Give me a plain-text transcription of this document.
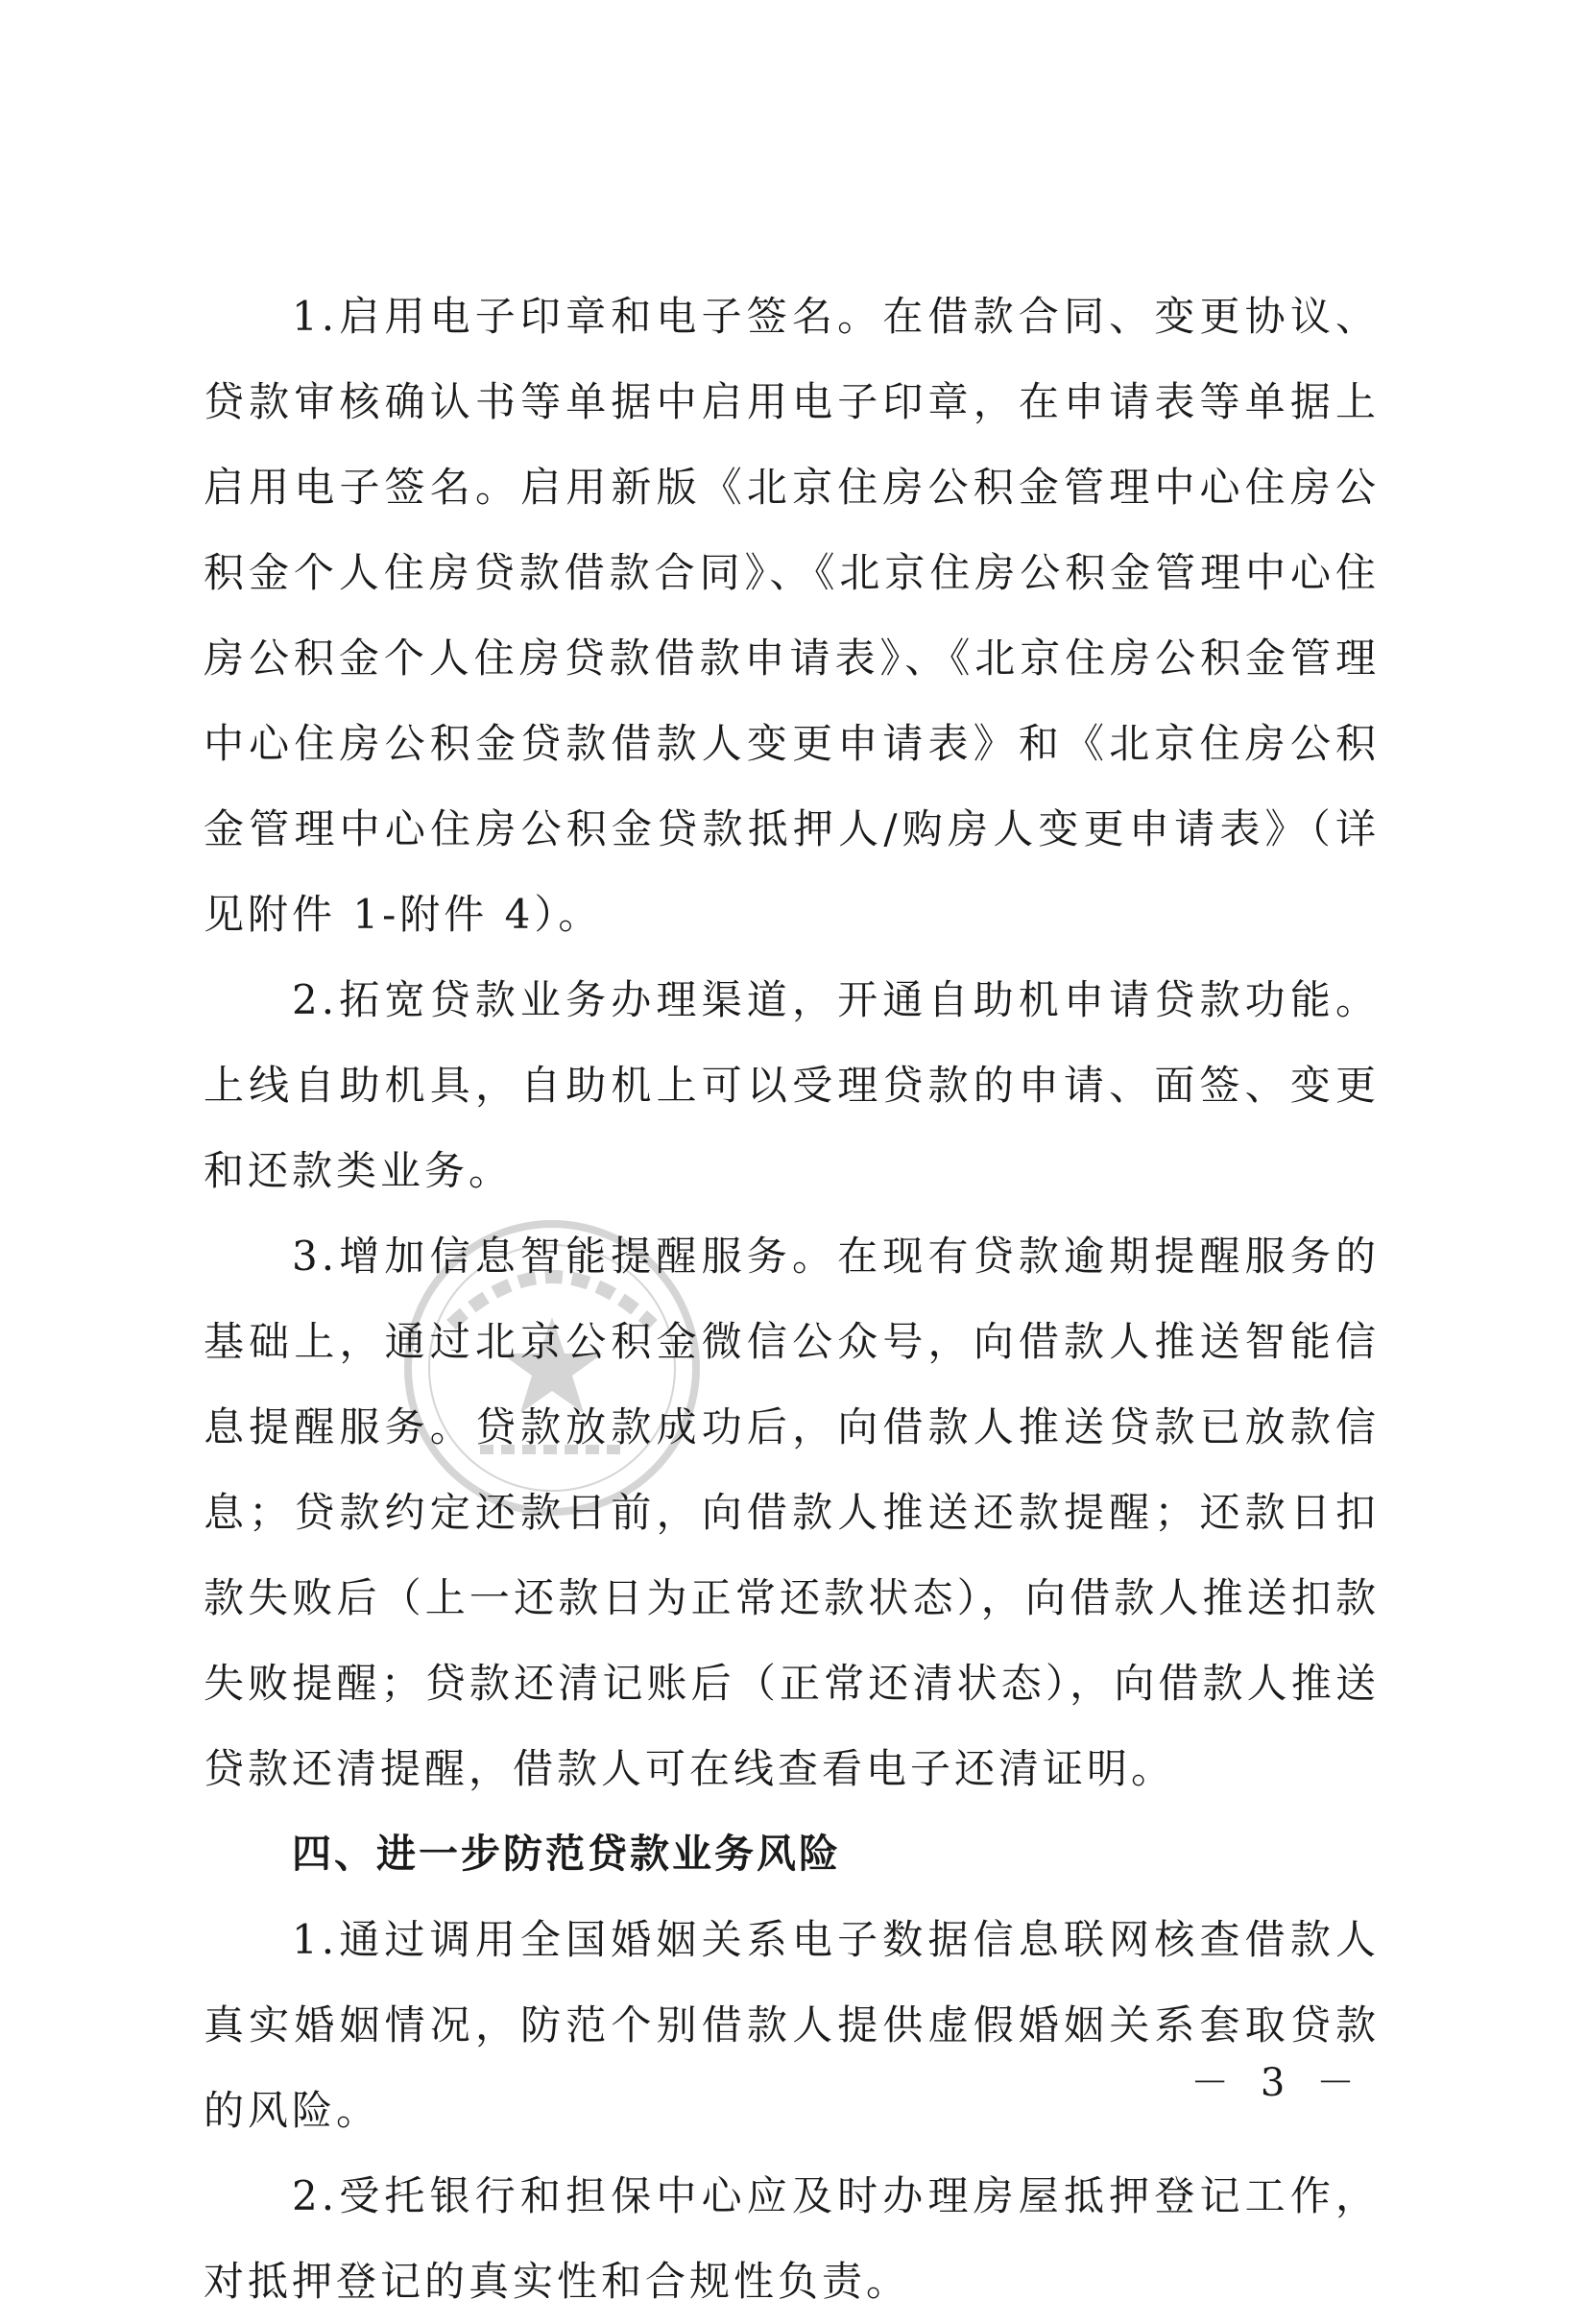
1.启用电子印章和电子签名。在借款合同、变更协议、贷款审核确认书等单据中启用电子印章，在申请表等单据上启用电子签名。启用新版《北京住房公积金管理中心住房公积金个人住房贷款借款合同》、《北京住房公积金管理中心住房公积金个人住房贷款借款申请表》、《北京住房公积金管理中心住房公积金贷款借款人变更申请表》和《北京住房公积金管理中心住房公积金贷款抵押人/购房人变更申请表》（详见附件 1-附件 4）。

2.拓宽贷款业务办理渠道，开通自助机申请贷款功能。上线自助机具，自助机上可以受理贷款的申请、面签、变更和还款类业务。

3.增加信息智能提醒服务。在现有贷款逾期提醒服务的基础上，通过北京公积金微信公众号，向借款人推送智能信息提醒服务。贷款放款成功后，向借款人推送贷款已放款信息；贷款约定还款日前，向借款人推送还款提醒；还款日扣款失败后（上一还款日为正常还款状态），向借款人推送扣款失败提醒；贷款还清记账后（正常还清状态），向借款人推送贷款还清提醒，借款人可在线查看电子还清证明。

四、进一步防范贷款业务风险

1.通过调用全国婚姻关系电子数据信息联网核查借款人真实婚姻情况，防范个别借款人提供虚假婚姻关系套取贷款的风险。

2.受托银行和担保中心应及时办理房屋抵押登记工作，对抵押登记的真实性和合规性负责。

－ 3 －
